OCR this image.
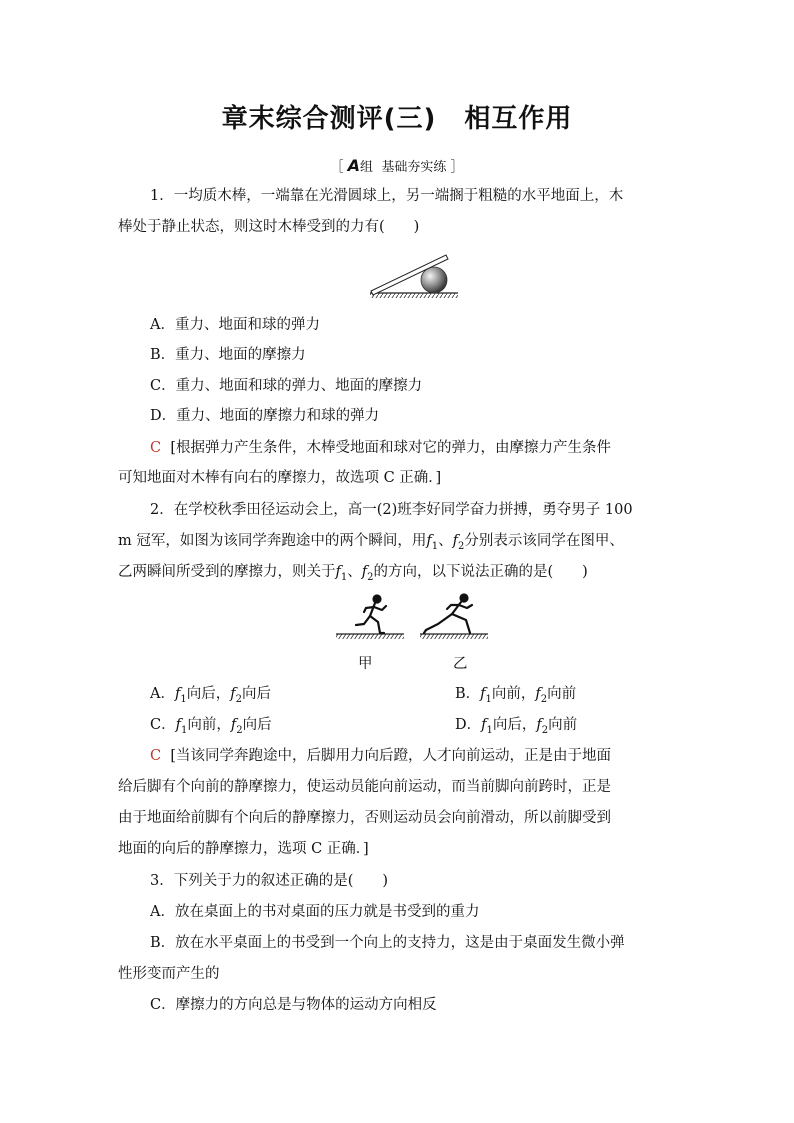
章末综合测评(三) 相互作用
［ A组 基础夯实练 ］
1．一均质木棒，一端靠在光滑圆球上，另一端搁于粗糙的水平地面上，木
棒处于静止状态，则这时木棒受到的力有(　　)
A．重力、地面和球的弹力
B．重力、地面的摩擦力
C．重力、地面和球的弹力、地面的摩擦力
D．重力、地面的摩擦力和球的弹力
C [根据弹力产生条件，木棒受地面和球对它的弹力，由摩擦力产生条件
可知地面对木棒有向右的摩擦力，故选项 C 正确．]
2．在学校秋季田径运动会上，高一(2)班李好同学奋力拼搏，勇夺男子 100
m 冠军，如图为该同学奔跑途中的两个瞬间，用$f_1$、$f_2$分别表示该同学在图甲、
乙两瞬间所受到的摩擦力，则关于$f_1$、$f_2$的方向，以下说法正确的是(　　)
甲	乙
A．$f_1$向后，$f_2$向后	B．$f_1$向前，$f_2$向前
C．$f_1$向前，$f_2$向后	D．$f_1$向后，$f_2$向前
C [当该同学奔跑途中，后脚用力向后蹬，人才向前运动，正是由于地面
给后脚有个向前的静摩擦力，使运动员能向前运动，而当前脚向前跨时，正是
由于地面给前脚有个向后的静摩擦力，否则运动员会向前滑动，所以前脚受到
地面的向后的静摩擦力，选项 C 正确．]
3．下列关于力的叙述正确的是(　　)
A．放在桌面上的书对桌面的压力就是书受到的重力
B．放在水平桌面上的书受到一个向上的支持力，这是由于桌面发生微小弹
性形变而产生的
C．摩擦力的方向总是与物体的运动方向相反
